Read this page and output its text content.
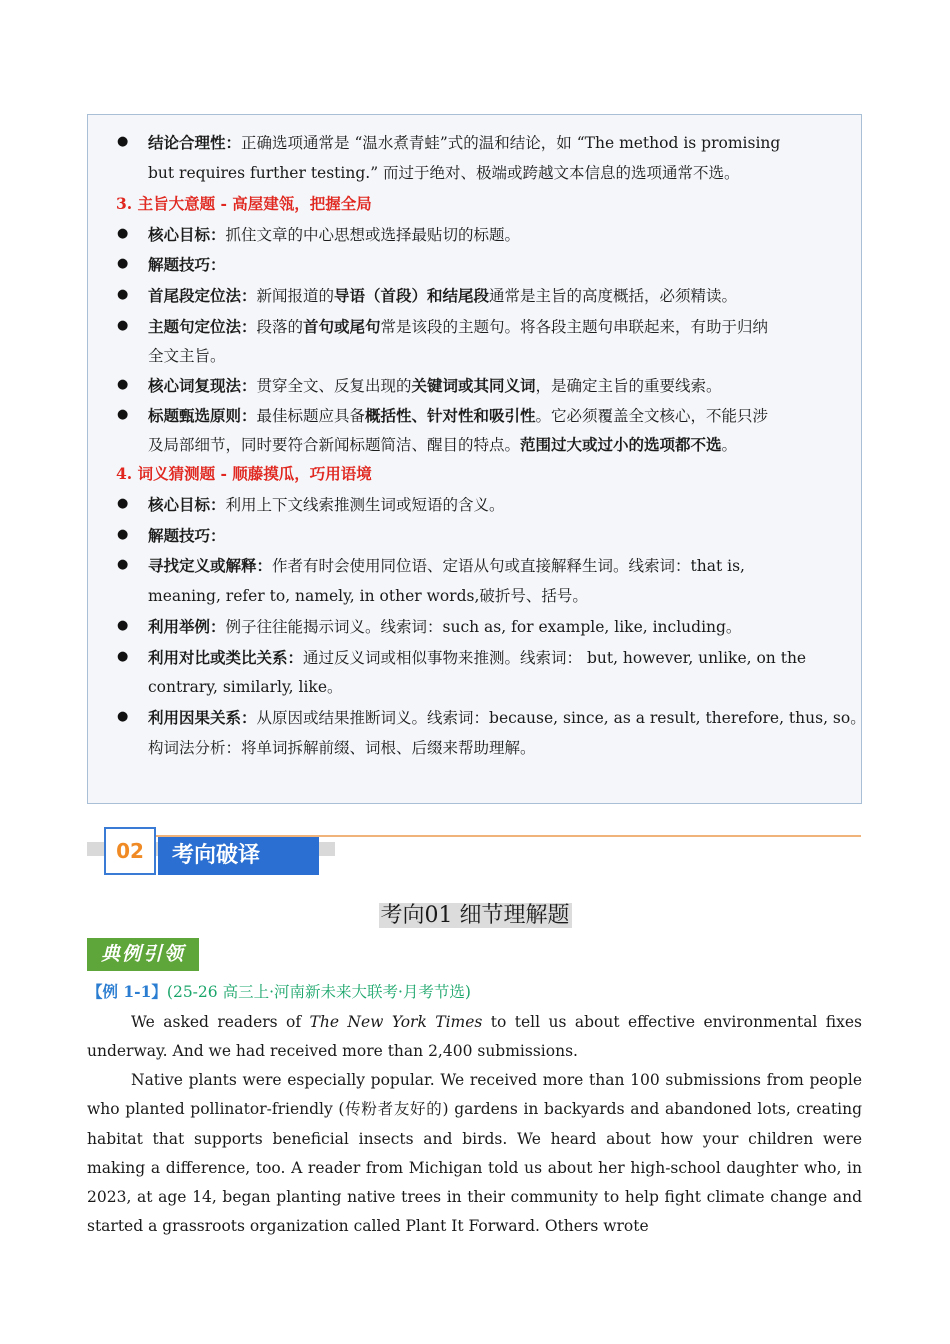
● 结论合理性：正确选项通常是 “温水煮青蛙”式的温和结论，如 “The method is promising
but requires further testing.” 而过于绝对、极端或跨越文本信息的选项通常不选。
3. 主旨大意题 - 高屋建瓴，把握全局
● 核心目标：抓住文章的中心思想或选择最贴切的标题。
● 解题技巧：
● 首尾段定位法：新闻报道的导语（首段）和结尾段通常是主旨的高度概括，必须精读。
● 主题句定位法：段落的首句或尾句常是该段的主题句。将各段主题句串联起来，有助于归纳
全文主旨。
● 核心词复现法：贯穿全文、反复出现的关键词或其同义词，是确定主旨的重要线索。
● 标题甄选原则：最佳标题应具备概括性、针对性和吸引性。它必须覆盖全文核心，不能只涉
及局部细节，同时要符合新闻标题简洁、醒目的特点。范围过大或过小的选项都不选。
4. 词义猜测题 - 顺藤摸瓜，巧用语境
● 核心目标：利用上下文线索推测生词或短语的含义。
● 解题技巧：
● 寻找定义或解释：作者有时会使用同位语、定语从句或直接解释生词。线索词：that is,
meaning, refer to, namely, in other words,破折号、括号。
● 利用举例：例子往往能揭示词义。线索词：such as, for example, like, including。
● 利用对比或类比关系：通过反义词或相似事物来推测。线索词： but, however, unlike, on the
contrary, similarly, like。
● 利用因果关系：从原因或结果推断词义。线索词：because, since, as a result, therefore, thus, so。
构词法分析：将单词拆解前缀、词根、后缀来帮助理解。
02	考向破译
考向01 细节理解题
典例引领
【例 1-1】(25-26 高三上·河南新未来大联考·月考节选)
We asked readers of The New York Times to tell us about effective environmental fixes underway. And we had received more than 2,400 submissions.
Native plants were especially popular. We received more than 100 submissions from people who planted pollinator-friendly (传粉者友好的) gardens in backyards and abandoned lots, creating habitat that supports beneficial insects and birds. We heard about how your children were making a difference, too. A reader from Michigan told us about her high-school daughter who, in 2023, at age 14, began planting native trees in their community to help fight climate change and started a grassroots organization called Plant It Forward. Others wrote
